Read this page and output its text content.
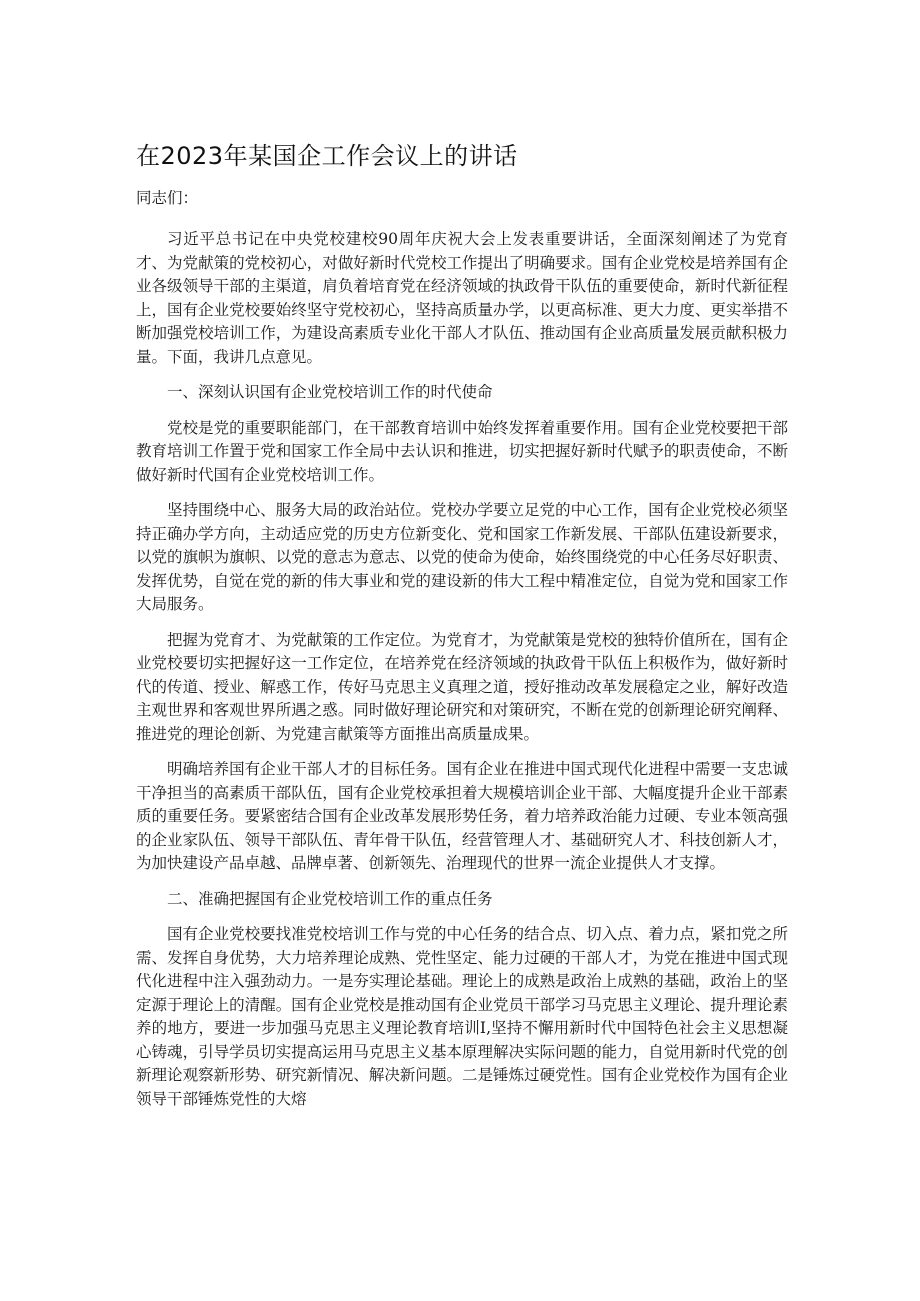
在2023年某国企工作会议上的讲话

同志们：

习近平总书记在中央党校建校90周年庆祝大会上发表重要讲话，全面深刻阐述了为党育才、为党献策的党校初心，对做好新时代党校工作提出了明确要求。国有企业党校是培养国有企业各级领导干部的主渠道，肩负着培育党在经济领域的执政骨干队伍的重要使命，新时代新征程上，国有企业党校要始终坚守党校初心，坚持高质量办学，以更高标准、更大力度、更实举措不断加强党校培训工作，为建设高素质专业化干部人才队伍、推动国有企业高质量发展贡献积极力量。下面，我讲几点意见。

一、深刻认识国有企业党校培训工作的时代使命

党校是党的重要职能部门，在干部教育培训中始终发挥着重要作用。国有企业党校要把干部教育培训工作置于党和国家工作全局中去认识和推进，切实把握好新时代赋予的职责使命，不断做好新时代国有企业党校培训工作。

坚持围绕中心、服务大局的政治站位。党校办学要立足党的中心工作，国有企业党校必须坚持正确办学方向，主动适应党的历史方位新变化、党和国家工作新发展、干部队伍建设新要求，以党的旗帜为旗帜、以党的意志为意志、以党的使命为使命，始终围绕党的中心任务尽好职责、发挥优势，自觉在党的新的伟大事业和党的建设新的伟大工程中精准定位，自觉为党和国家工作大局服务。

把握为党育才、为党献策的工作定位。为党育才，为党献策是党校的独特价值所在，国有企业党校要切实把握好这一工作定位，在培养党在经济领域的执政骨干队伍上积极作为，做好新时代的传道、授业、解惑工作，传好马克思主义真理之道，授好推动改革发展稳定之业，解好改造主观世界和客观世界所遇之惑。同时做好理论研究和对策研究，不断在党的创新理论研究阐释、推进党的理论创新、为党建言献策等方面推出高质量成果。

明确培养国有企业干部人才的目标任务。国有企业在推进中国式现代化进程中需要一支忠诚干净担当的高素质干部队伍，国有企业党校承担着大规模培训企业干部、大幅度提升企业干部素质的重要任务。要紧密结合国有企业改革发展形势任务，着力培养政治能力过硬、专业本领高强的企业家队伍、领导干部队伍、青年骨干队伍，经营管理人才、基础研究人才、科技创新人才，为加快建设产品卓越、品牌卓著、创新领先、治理现代的世界一流企业提供人才支撑。

二、准确把握国有企业党校培训工作的重点任务

国有企业党校要找准党校培训工作与党的中心任务的结合点、切入点、着力点，紧扣党之所需、发挥自身优势，大力培养理论成熟、党性坚定、能力过硬的干部人才，为党在推进中国式现代化进程中注入强劲动力。一是夯实理论基础。理论上的成熟是政治上成熟的基础，政治上的坚定源于理论上的清醒。国有企业党校是推动国有企业党员干部学习马克思主义理论、提升理论素养的地方，要进一步加强马克思主义理论教育培训Ⅰ,坚持不懈用新时代中国特色社会主义思想凝心铸魂，引导学员切实提高运用马克思主义基本原理解决实际问题的能力，自觉用新时代党的创新理论观察新形势、研究新情况、解决新问题。二是锤炼过硬党性。国有企业党校作为国有企业领导干部锤炼党性的大熔
